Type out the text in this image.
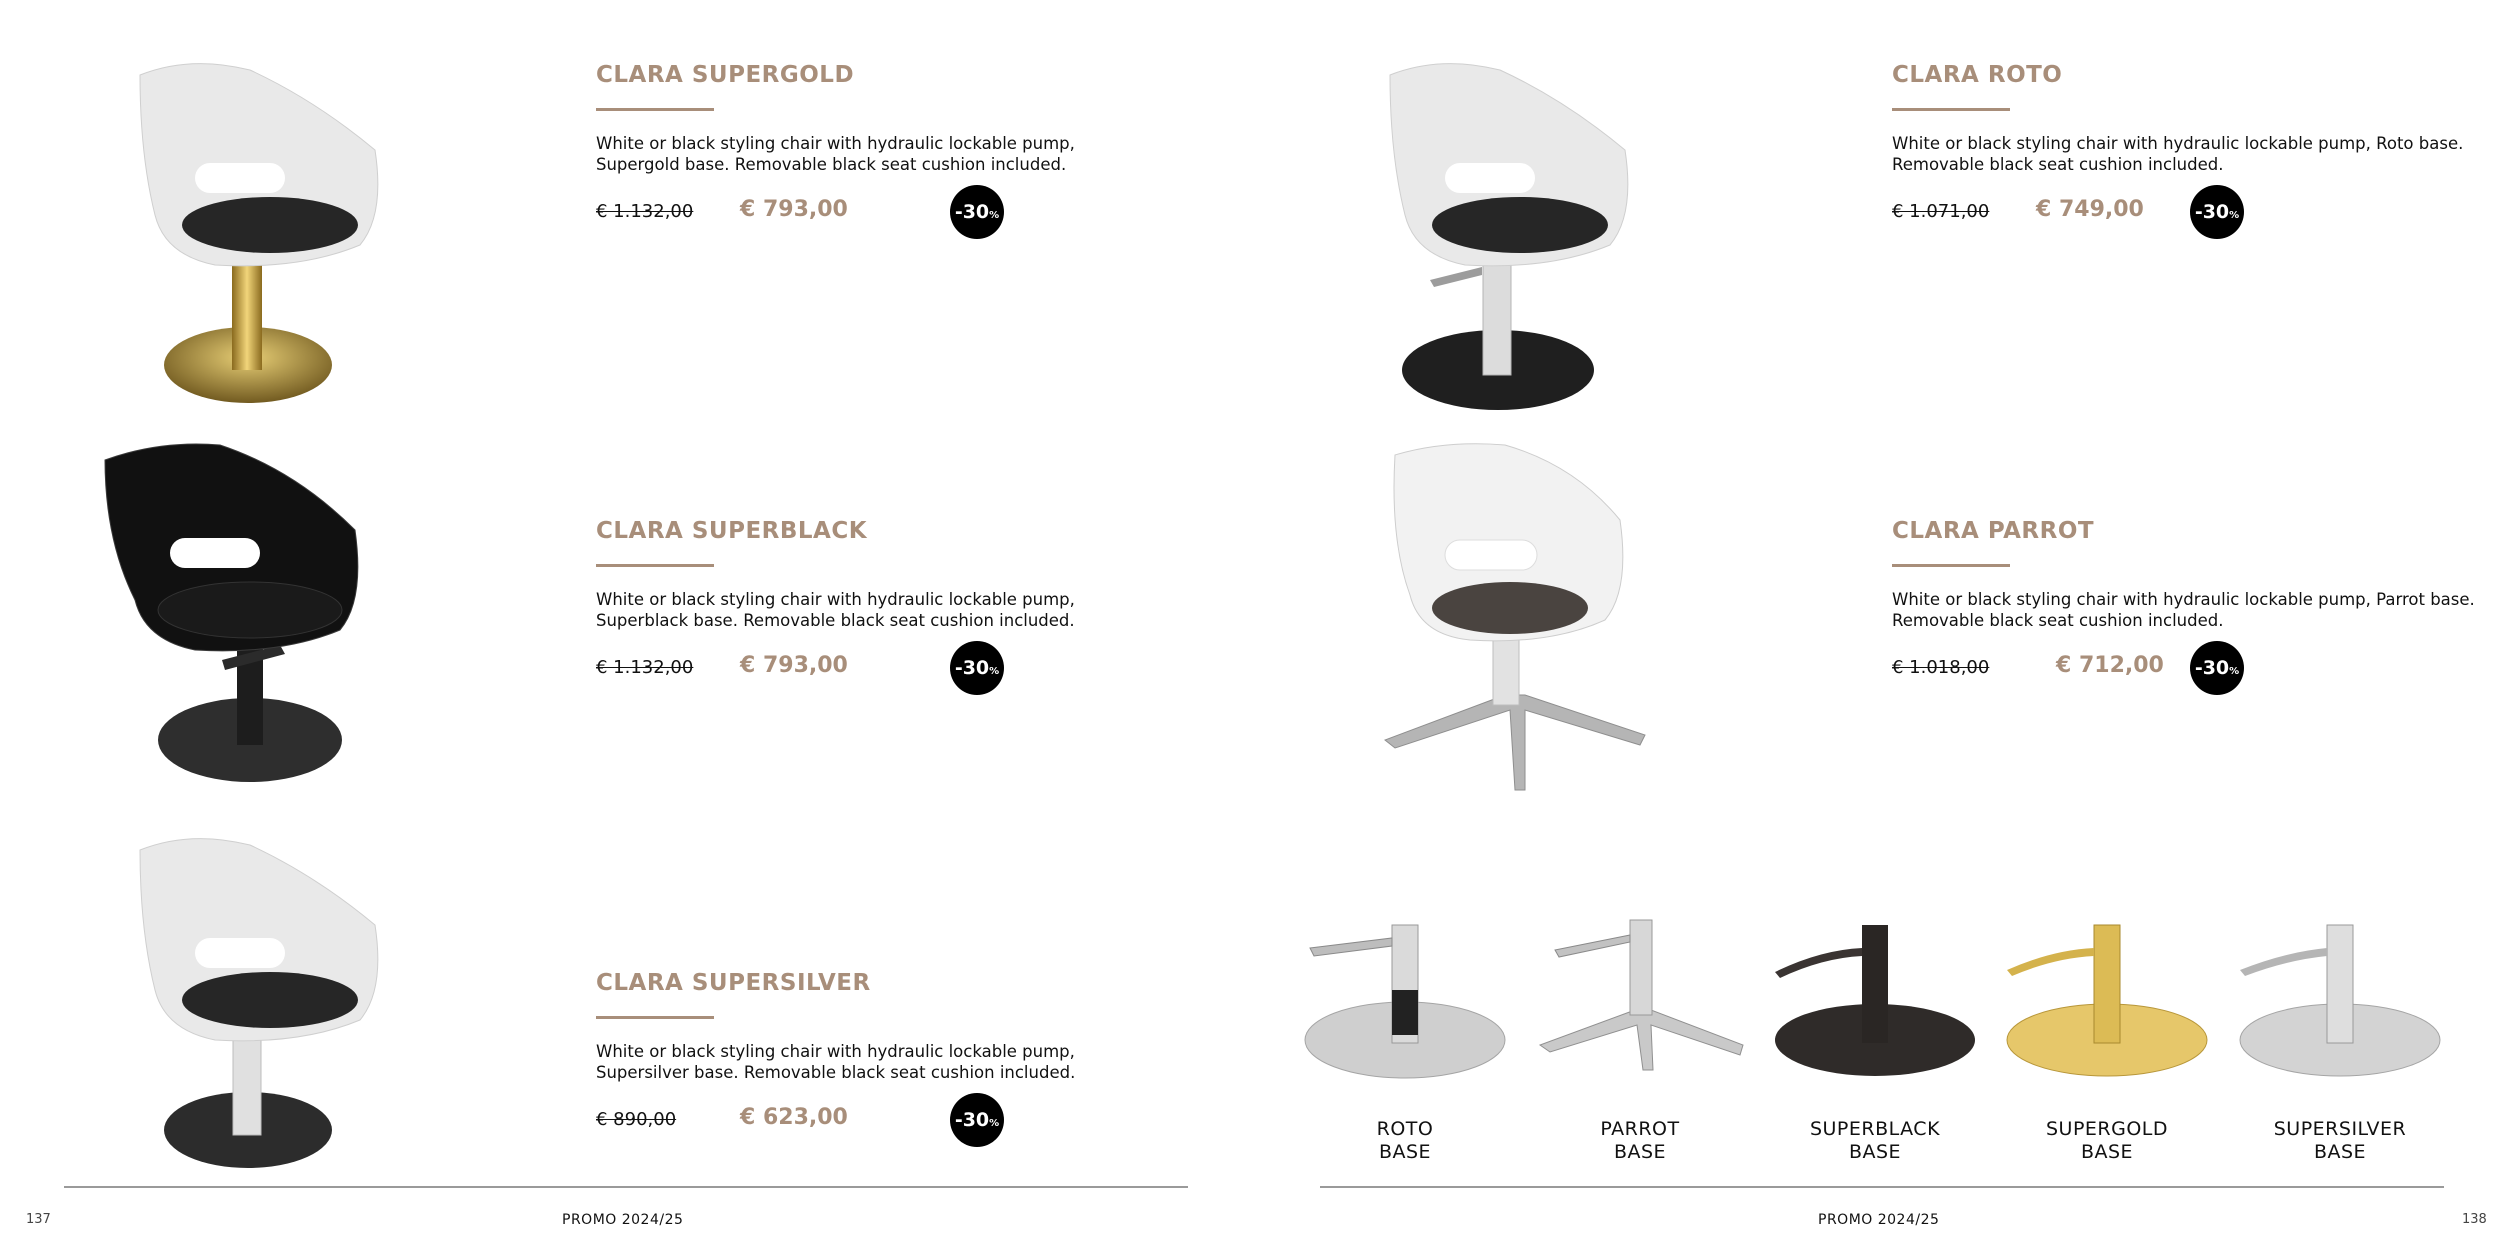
CLARA SUPERGOLD
White or black styling chair with hydraulic lockable pump,
Supergold base. Removable black seat cushion included.
€ 1.132,00 € 793,00	-30 %
CLARA SUPERBLACK
White or black styling chair with hydraulic lockable pump,
Superblack base. Removable black seat cushion included.
€ 1.132,00 € 793,00	-30 %
CLARA SUPERSILVER
White or black styling chair with hydraulic lockable pump,
Supersilver base. Removable black seat cushion included.
€ 890,00	€ 623,00	-30 %
137	PROMO 2024/25
CLARA ROTO
White or black styling chair with hydraulic lockable pump, Roto base.
Removable black seat cushion included.
€ 1.071,00 € 749,00	-30 %
CLARA PARROT
White or black styling chair with hydraulic lockable pump, Parrot base.
Removable black seat cushion included.
€ 1.018,00	€ 712,00 -30 %
ROTO
BASE
PARROT
BASE
SUPERBLACK
BASE
SUPERGOLD
BASE
SUPERSILVER
BASE
PROMO 2024/25	138
